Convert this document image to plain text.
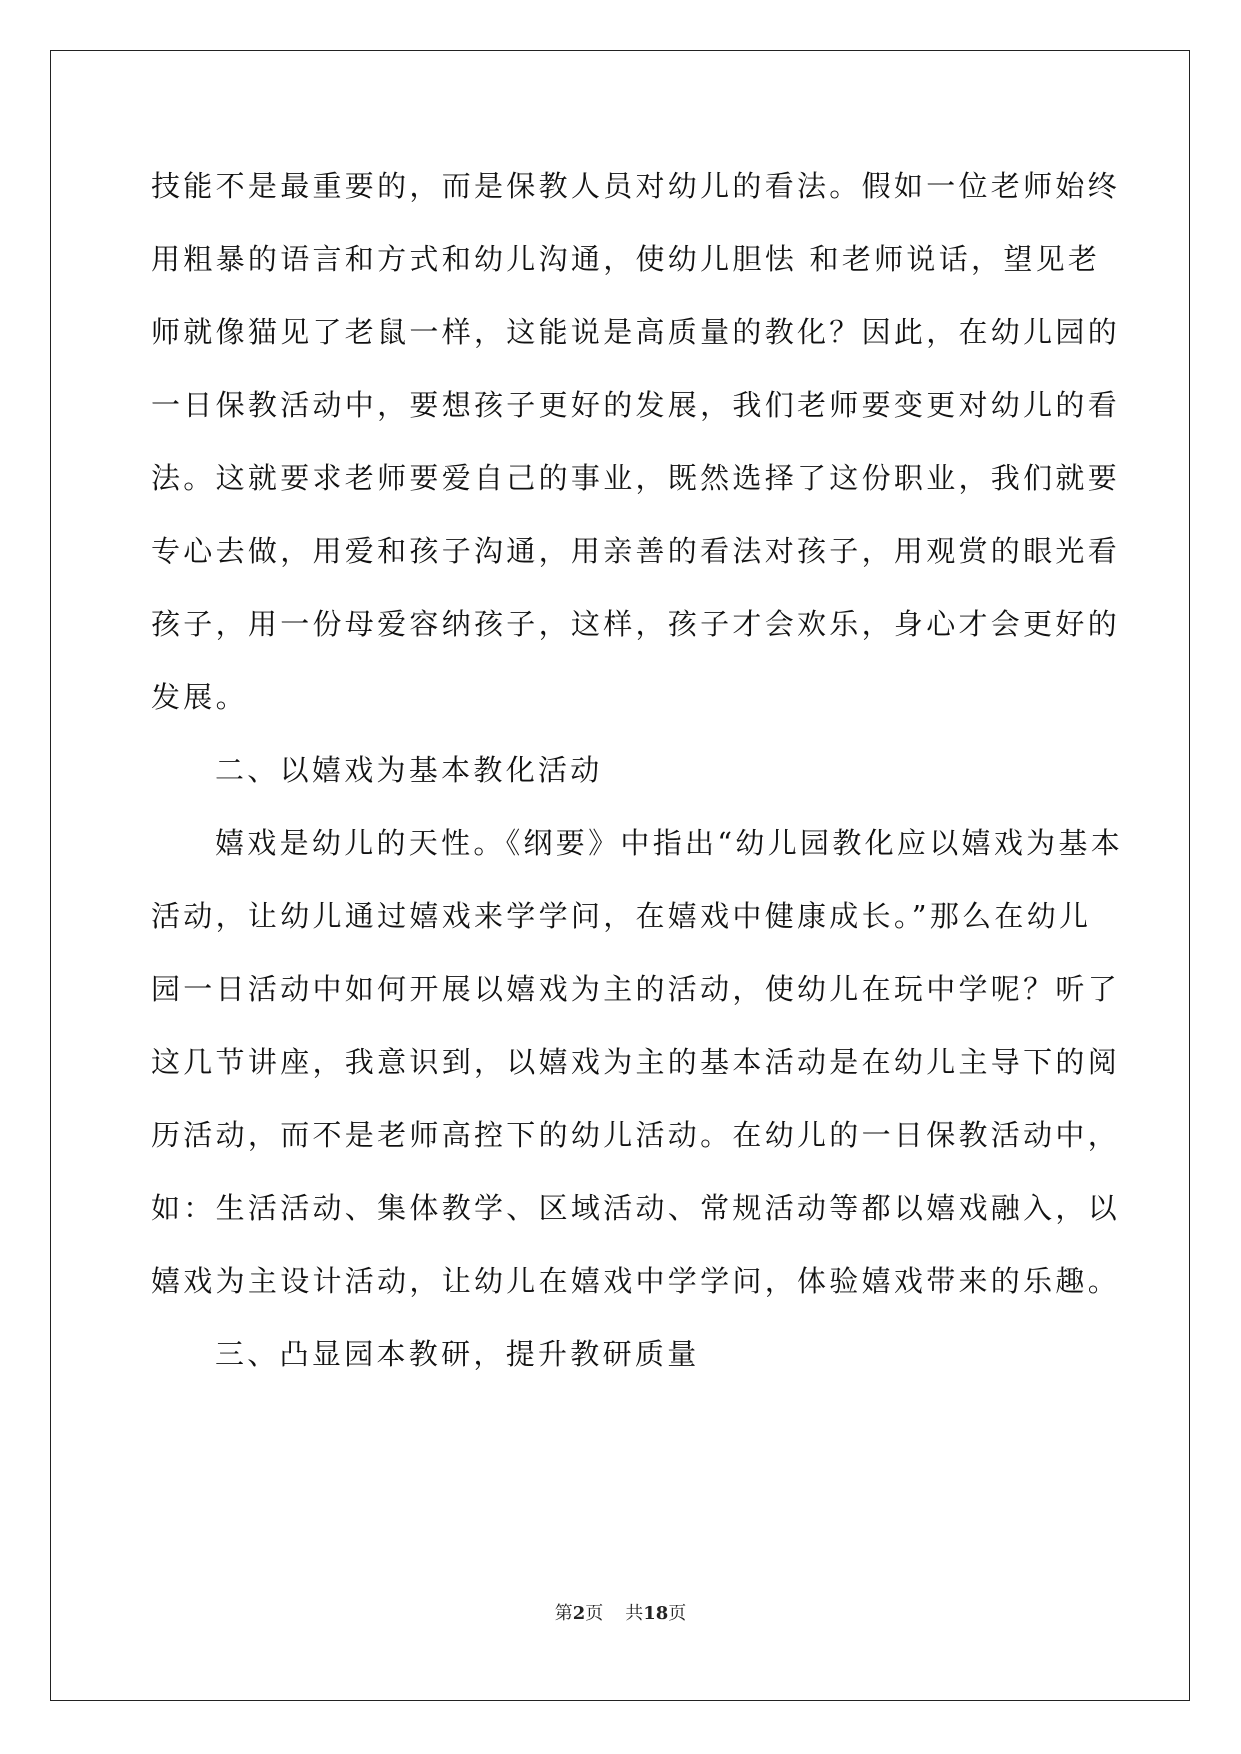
技能不是最重要的，而是保教人员对幼儿的看法。假如一位老师始终
用粗暴的语言和方式和幼儿沟通，使幼儿胆怯 和老师说话，望见老
师就像猫见了老鼠一样，这能说是高质量的教化？因此，在幼儿园的
一日保教活动中，要想孩子更好的发展，我们老师要变更对幼儿的看
法。这就要求老师要爱自己的事业，既然选择了这份职业，我们就要
专心去做，用爱和孩子沟通，用亲善的看法对孩子，用观赏的眼光看
孩子，用一份母爱容纳孩子，这样，孩子才会欢乐，身心才会更好的
发展。
二、以嬉戏为基本教化活动
嬉戏是幼儿的天性。《纲要》中指出“幼儿园教化应以嬉戏为基本
活动，让幼儿通过嬉戏来学学问，在嬉戏中健康成长。”那么在幼儿
园一日活动中如何开展以嬉戏为主的活动，使幼儿在玩中学呢？听了
这几节讲座，我意识到，以嬉戏为主的基本活动是在幼儿主导下的阅
历活动，而不是老师高控下的幼儿活动。在幼儿的一日保教活动中，
如：生活活动、集体教学、区域活动、常规活动等都以嬉戏融入，以
嬉戏为主设计活动，让幼儿在嬉戏中学学问，体验嬉戏带来的乐趣。
三、凸显园本教研，提升教研质量
第2页 共18页
